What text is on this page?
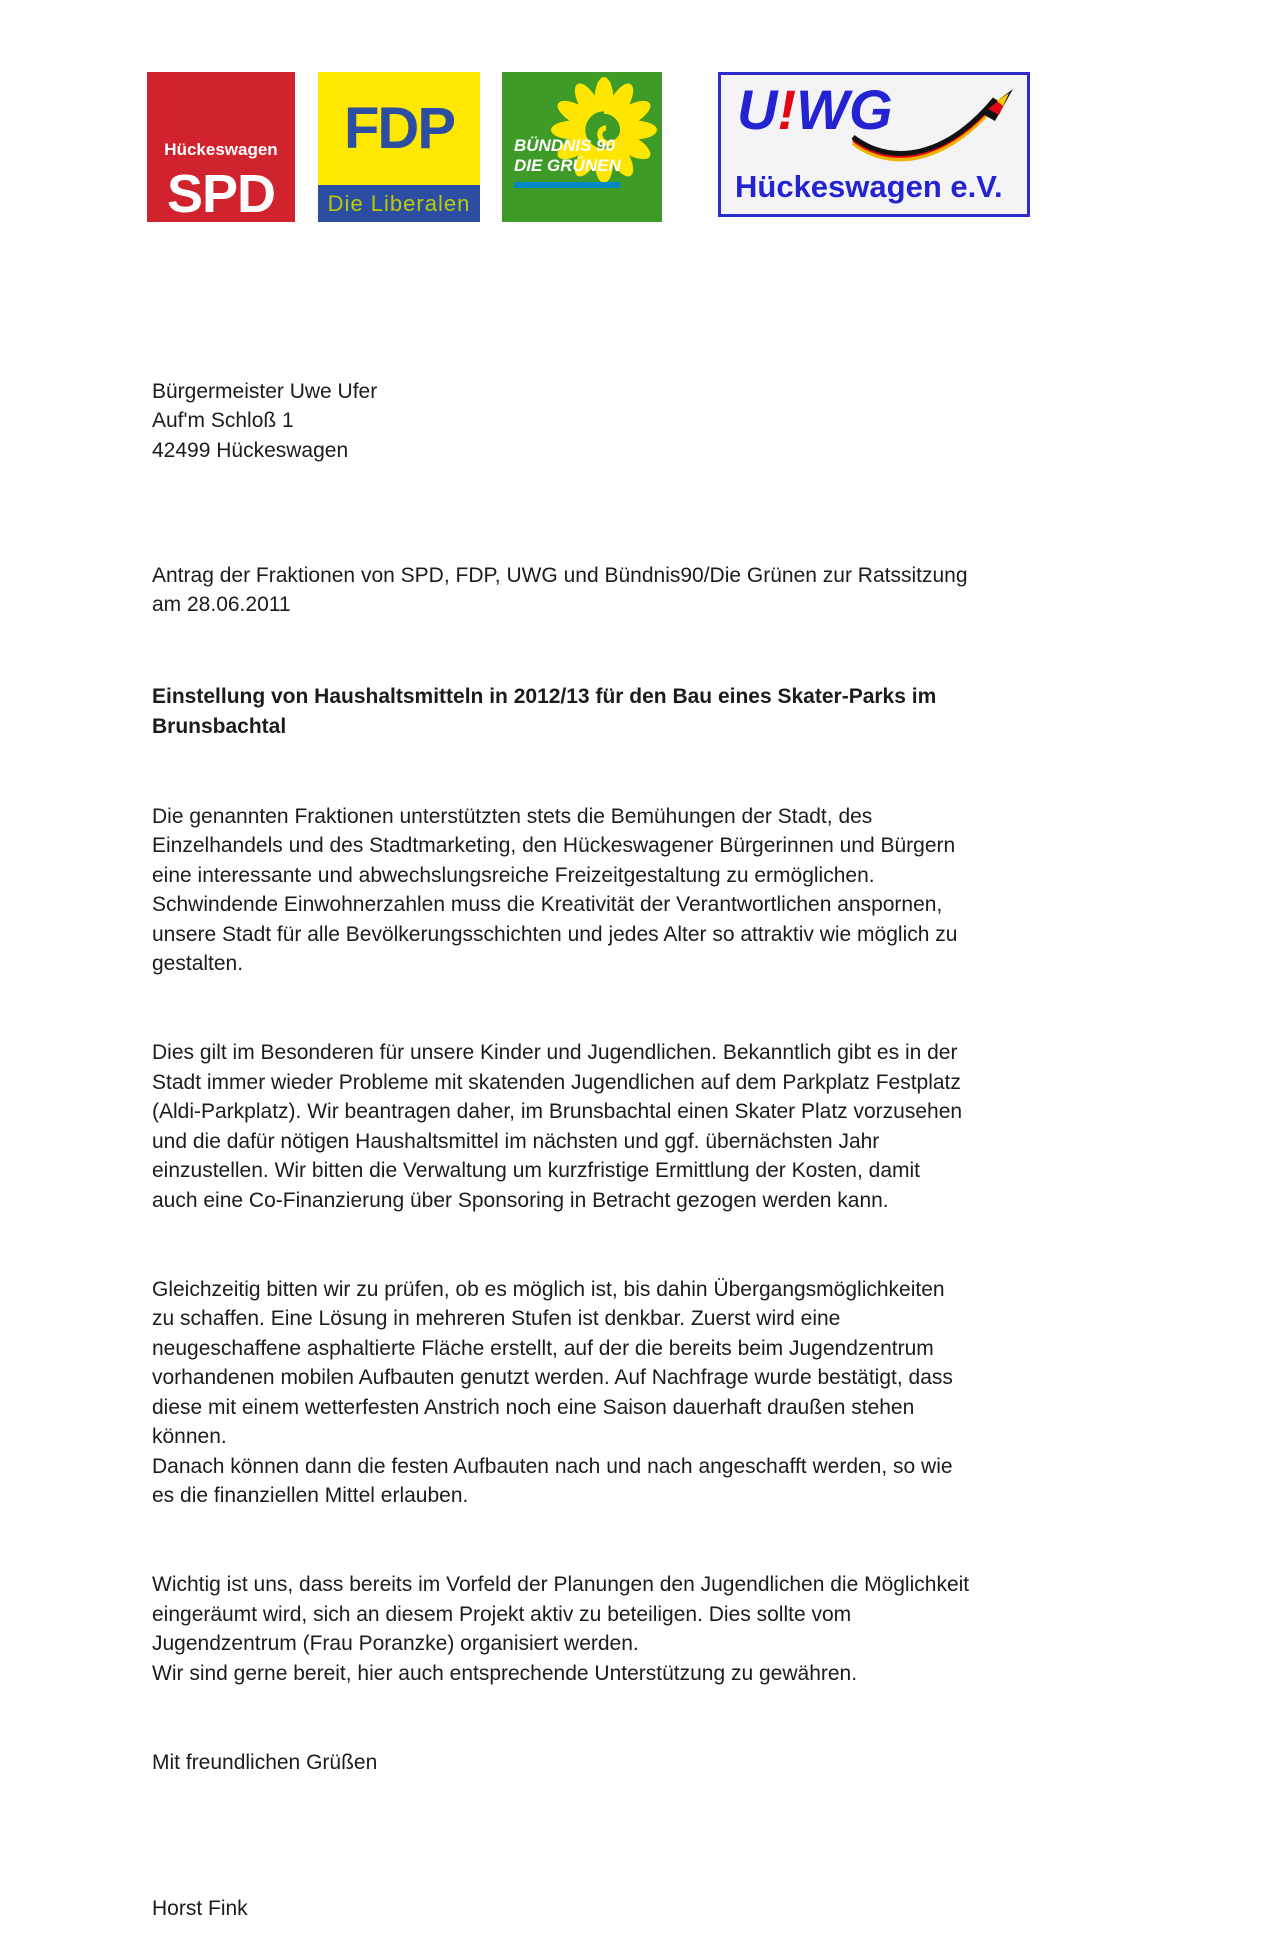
Hückeswagen
SPD
FDP
Die Liberalen
BÜNDNIS 90
DIE GRÜNEN
U!WG
Hückeswagen e.V.

Bürgermeister Uwe Ufer
Auf'm Schloß 1
42499 Hückeswagen

Antrag der Fraktionen von SPD, FDP, UWG und Bündnis90/Die Grünen zur Ratssitzung
am 28.06.2011

Einstellung von Haushaltsmitteln in 2012/13 für den Bau eines Skater-Parks im
Brunsbachtal

Die genannten Fraktionen unterstützten stets die Bemühungen der Stadt, des
Einzelhandels und des Stadtmarketing, den Hückeswagener Bürgerinnen und Bürgern
eine interessante und abwechslungsreiche Freizeitgestaltung zu ermöglichen.
Schwindende Einwohnerzahlen muss die Kreativität der Verantwortlichen anspornen,
unsere Stadt für alle Bevölkerungsschichten und jedes Alter so attraktiv wie möglich zu
gestalten.

Dies gilt im Besonderen für unsere Kinder und Jugendlichen. Bekanntlich gibt es in der
Stadt immer wieder Probleme mit skatenden Jugendlichen auf dem Parkplatz Festplatz
(Aldi-Parkplatz). Wir beantragen daher, im Brunsbachtal einen Skater Platz vorzusehen
und die dafür nötigen Haushaltsmittel im nächsten und ggf. übernächsten Jahr
einzustellen. Wir bitten die Verwaltung um kurzfristige Ermittlung der Kosten, damit
auch eine Co-Finanzierung über Sponsoring in Betracht gezogen werden kann.

Gleichzeitig bitten wir zu prüfen, ob es möglich ist, bis dahin Übergangsmöglichkeiten
zu schaffen. Eine Lösung in mehreren Stufen ist denkbar. Zuerst wird eine
neugeschaffene asphaltierte Fläche erstellt, auf der die bereits beim Jugendzentrum
vorhandenen mobilen Aufbauten genutzt werden. Auf Nachfrage wurde bestätigt, dass
diese mit einem wetterfesten Anstrich noch eine Saison dauerhaft draußen stehen
können.
Danach können dann die festen Aufbauten nach und nach angeschafft werden, so wie
es die finanziellen Mittel erlauben.

Wichtig ist uns, dass bereits im Vorfeld der Planungen den Jugendlichen die Möglichkeit
eingeräumt wird, sich an diesem Projekt aktiv zu beteiligen. Dies sollte vom
Jugendzentrum (Frau Poranzke) organisiert werden.
Wir sind gerne bereit, hier auch entsprechende Unterstützung zu gewähren.

Mit freundlichen Grüßen

Horst Fink
